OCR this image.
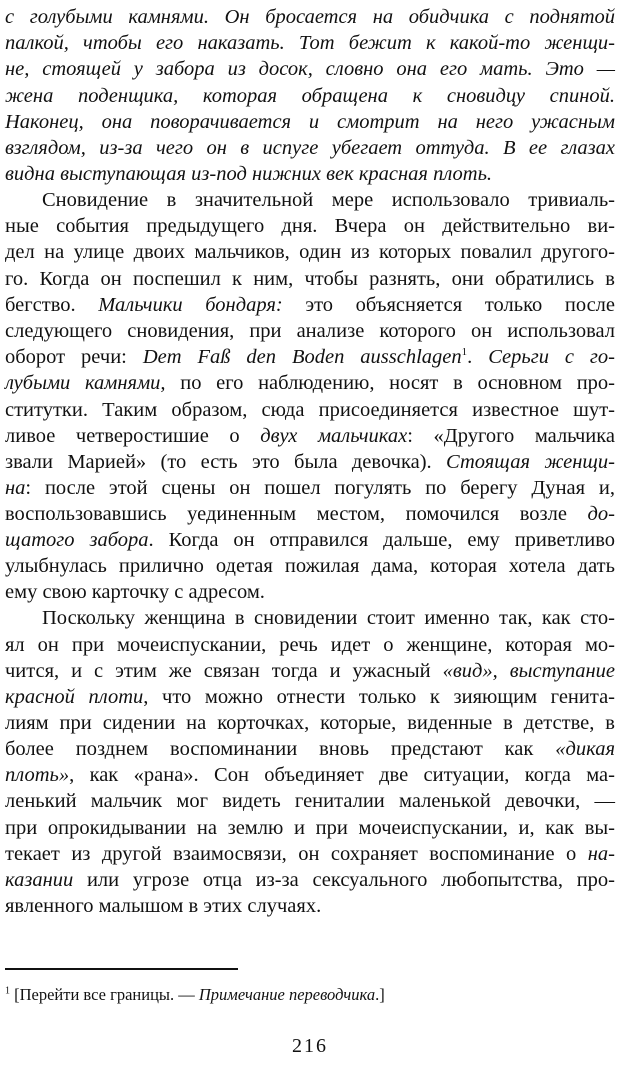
с голубыми камнями. Он бросается на обидчика с поднятой
палкой, чтобы его наказать. Тот бежит к какой-то женщи-
не, стоящей у забора из досок, словно она его мать. Это —
жена поденщика, которая обращена к сновидцу спиной.
Наконец, она поворачивается и смотрит на него ужасным
взглядом, из-за чего он в испуге убегает оттуда. В ее глазах
видна выступающая из-под нижних век красная плоть.
Сновидение в значительной мере использовало тривиаль-
ные события предыдущего дня. Вчера он действительно ви-
дел на улице двоих мальчиков, один из которых повалил другого-
го. Когда он поспешил к ним, чтобы разнять, они обратились в
бегство. Мальчики бондаря: это объясняется только после
следующего сновидения, при анализе которого он использовал
оборот речи: Dem Faß den Boden ausschlagen$^1$. Серьги с го-
лубыми камнями, по его наблюдению, носят в основном про-
ститутки. Таким образом, сюда присоединяется известное шут-
ливое четверостишие о двух мальчиках: «Другого мальчика
звали Марией» (то есть это была девочка). Стоящая женщи-
на: после этой сцены он пошел погулять по берегу Дуная и,
воспользовавшись уединенным местом, помочился возле до-
щатого забора. Когда он отправился дальше, ему приветливо
улыбнулась прилично одетая пожилая дама, которая хотела дать
ему свою карточку с адресом.
Поскольку женщина в сновидении стоит именно так, как сто-
ял он при мочеиспускании, речь идет о женщине, которая мо-
чится, и с этим же связан тогда и ужасный «вид», выступание
красной плоти, что можно отнести только к зияющим генита-
лиям при сидении на корточках, которые, виденные в детстве, в
более позднем воспоминании вновь предстают как «дикая
плоть», как «рана». Сон объединяет две ситуации, когда ма-
ленький мальчик мог видеть гениталии маленькой девочки, —
при опрокидывании на землю и при мочеиспускании, и, как вы-
текает из другой взаимосвязи, он сохраняет воспоминание о на-
казании или угрозе отца из-за сексуального любопытства, про-
явленного малышом в этих случаях.
$^1$ [Перейти все границы. — Примечание переводчика.]
216
